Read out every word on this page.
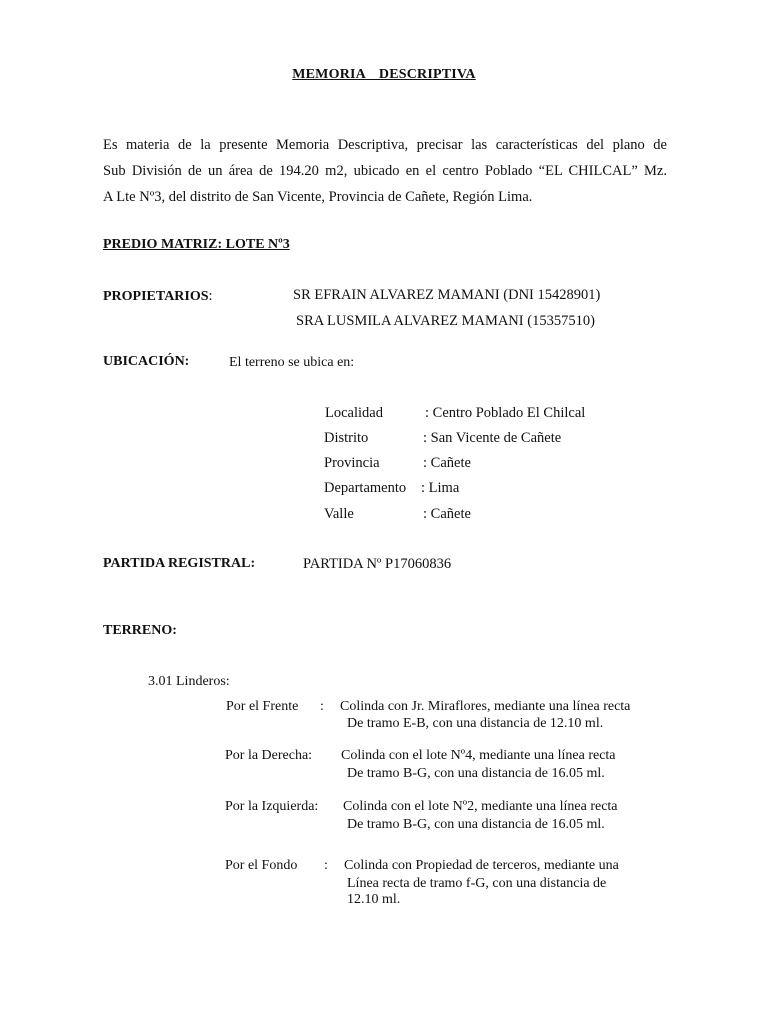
MEMORIA DESCRIPTIVA
Es materia de la presente Memoria Descriptiva, precisar las características del plano de
Sub División de un área de 194.20 m2, ubicado en el centro Poblado “EL CHILCAL” Mz.
A Lte Nº3, del distrito de San Vicente, Provincia de Cañete, Región Lima.
PREDIO MATRIZ: LOTE Nº3
PROPIETARIOS:	SR EFRAIN ALVAREZ MAMANI (DNI 15428901)
SRA LUSMILA ALVAREZ MAMANI (15357510)
UBICACIÓN:	El terreno se ubica en:
Localidad	: Centro Poblado El Chilcal
Distrito	: San Vicente de Cañete
Provincia	: Cañete
Departamento : Lima
Valle	: Cañete
PARTIDA REGISTRAL:	PARTIDA Nº P17060836
TERRENO:
3.01 Linderos:
Por el Frente : Colinda con Jr. Miraflores, mediante una línea recta
De tramo E-B, con una distancia de 12.10 ml.
Por la Derecha: Colinda con el lote Nº4, mediante una línea recta
De tramo B-G, con una distancia de 16.05 ml.
Por la Izquierda: Colinda con el lote Nº2, mediante una línea recta
De tramo B-G, con una distancia de 16.05 ml.
Por el Fondo : Colinda con Propiedad de terceros, mediante una
Línea recta de tramo f-G, con una distancia de
12.10 ml.
